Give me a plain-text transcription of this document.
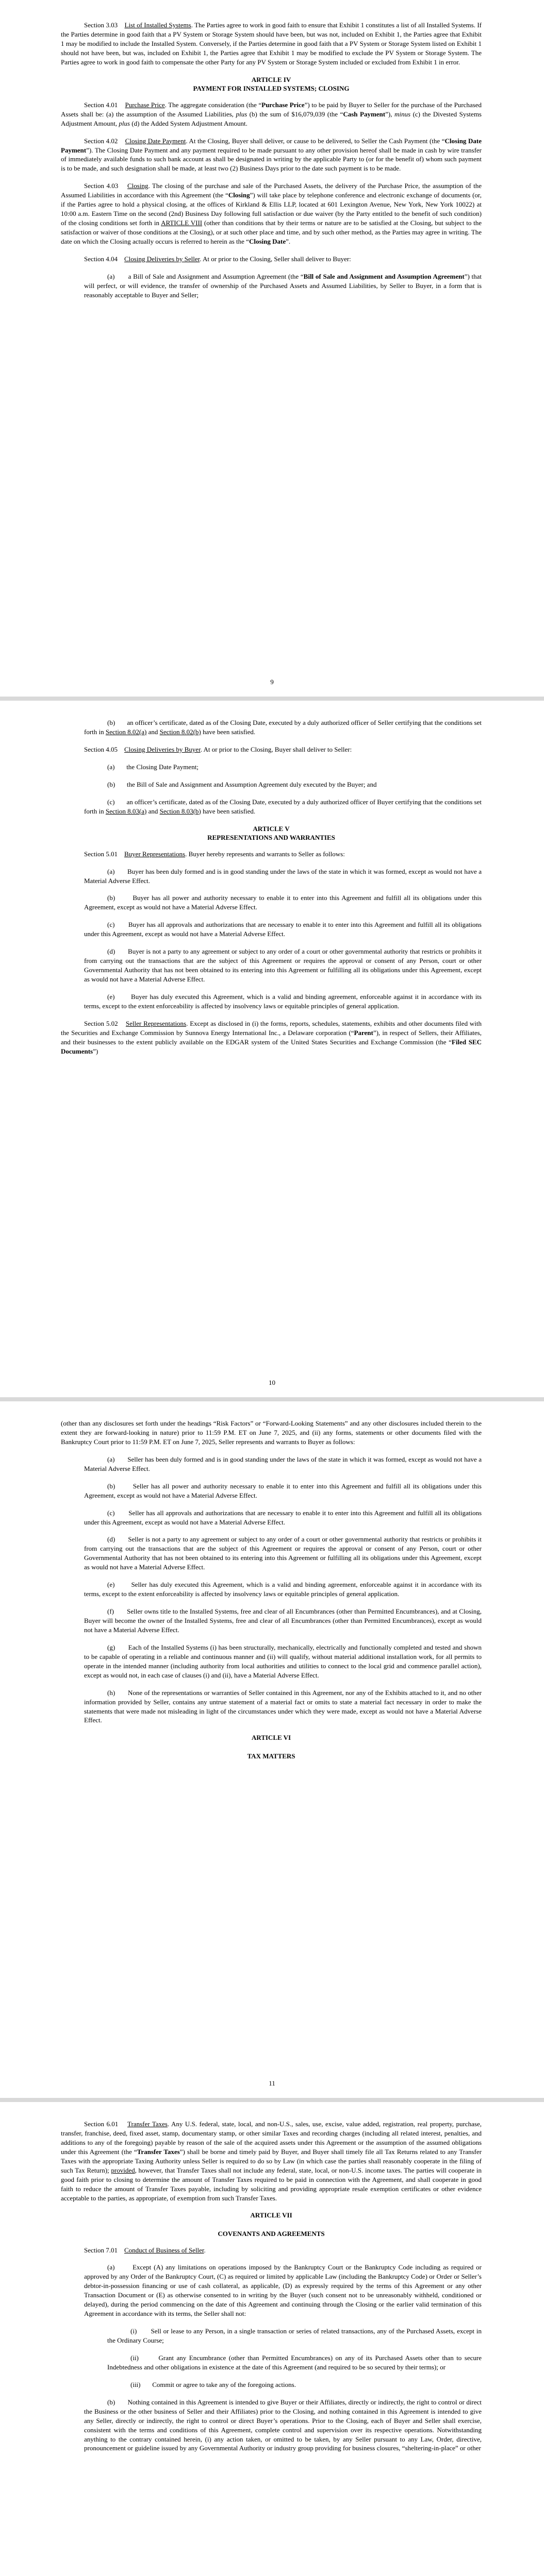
Section 3.03 List of Installed Systems. The Parties agree to work in good faith to ensure that Exhibit 1 constitutes a list of all Installed Systems. If the Parties determine in good faith that a PV System or Storage System should have been, but was not, included on Exhibit 1, the Parties agree that Exhibit 1 may be modified to include the Installed System. Conversely, if the Parties determine in good faith that a PV System or Storage System listed on Exhibit 1 should not have been, but was, included on Exhibit 1, the Parties agree that Exhibit 1 may be modified to exclude the PV System or Storage System. The Parties agree to work in good faith to compensate the other Party for any PV System or Storage System included or excluded from Exhibit 1 in error.

ARTICLE IV
PAYMENT FOR INSTALLED SYSTEMS; CLOSING

Section 4.01 Purchase Price. The aggregate consideration (the “Purchase Price”) to be paid by Buyer to Seller for the purchase of the Purchased Assets shall be: (a) the assumption of the Assumed Liabilities, plus (b) the sum of $16,079,039 (the “Cash Payment”), minus (c) the Divested Systems Adjustment Amount, plus (d) the Added System Adjustment Amount.

Section 4.02 Closing Date Payment. At the Closing, Buyer shall deliver, or cause to be delivered, to Seller the Cash Payment (the “Closing Date Payment”). The Closing Date Payment and any payment required to be made pursuant to any other provision hereof shall be made in cash by wire transfer of immediately available funds to such bank account as shall be designated in writing by the applicable Party to (or for the benefit of) whom such payment is to be made, and such designation shall be made, at least two (2) Business Days prior to the date such payment is to be made.

Section 4.03 Closing. The closing of the purchase and sale of the Purchased Assets, the delivery of the Purchase Price, the assumption of the Assumed Liabilities in accordance with this Agreement (the “Closing”) will take place by telephone conference and electronic exchange of documents (or, if the Parties agree to hold a physical closing, at the offices of Kirkland & Ellis LLP, located at 601 Lexington Avenue, New York, New York 10022) at 10:00 a.m. Eastern Time on the second (2nd) Business Day following full satisfaction or due waiver (by the Party entitled to the benefit of such condition) of the closing conditions set forth in ARTICLE VIII (other than conditions that by their terms or nature are to be satisfied at the Closing, but subject to the satisfaction or waiver of those conditions at the Closing), or at such other place and time, and by such other method, as the Parties may agree in writing. The date on which the Closing actually occurs is referred to herein as the “Closing Date”.

Section 4.04 Closing Deliveries by Seller. At or prior to the Closing, Seller shall deliver to Buyer:

(a) a Bill of Sale and Assignment and Assumption Agreement (the “Bill of Sale and Assignment and Assumption Agreement”) that will perfect, or will evidence, the transfer of ownership of the Purchased Assets and Assumed Liabilities, by Seller to Buyer, in a form that is reasonably acceptable to Buyer and Seller;

9

(b) an officer’s certificate, dated as of the Closing Date, executed by a duly authorized officer of Seller certifying that the conditions set forth in Section 8.02(a) and Section 8.02(b) have been satisfied.

Section 4.05 Closing Deliveries by Buyer. At or prior to the Closing, Buyer shall deliver to Seller:

(a) the Closing Date Payment;

(b) the Bill of Sale and Assignment and Assumption Agreement duly executed by the Buyer; and

(c) an officer’s certificate, dated as of the Closing Date, executed by a duly authorized officer of Buyer certifying that the conditions set forth in Section 8.03(a) and Section 8.03(b) have been satisfied.

ARTICLE V
REPRESENTATIONS AND WARRANTIES

Section 5.01 Buyer Representations. Buyer hereby represents and warrants to Seller as follows:

(a) Buyer has been duly formed and is in good standing under the laws of the state in which it was formed, except as would not have a Material Adverse Effect.

(b)	Buyer has all power and authority necessary to enable it to enter into this Agreement and fulfill all its obligations under this Agreement, except as would not have a Material Adverse Effect.

(c) Buyer has all approvals and authorizations that are necessary to enable it to enter into this Agreement and fulfill all its obligations under this Agreement, except as would not have a Material Adverse Effect.

(d) Buyer is not a party to any agreement or subject to any order of a court or other governmental authority that restricts or prohibits it from carrying out the transactions that are the subject of this Agreement or requires the approval or consent of any Person, court or other Governmental Authority that has not been obtained to its entering into this Agreement or fulfilling all its obligations under this Agreement, except as would not have a Material Adverse Effect.

(e) Buyer has duly executed this Agreement, which is a valid and binding agreement, enforceable against it in accordance with its terms, except to the extent enforceability is affected by insolvency laws or equitable principles of general application.

Section 5.02 Seller Representations. Except as disclosed in (i) the forms, reports, schedules, statements, exhibits and other documents filed with the Securities and Exchange Commission by Sunnova Energy International Inc., a Delaware corporation (“Parent”), in respect of Sellers, their Affiliates, and their businesses to the extent publicly available on the EDGAR system of the United States Securities and Exchange Commission (the “Filed SEC Documents”)

10

(other than any disclosures set forth under the headings “Risk Factors” or “Forward-Looking Statements” and any other disclosures included therein to the extent they are forward-looking in nature) prior to 11:59 P.M. ET on June 7, 2025, and (ii) any forms, statements or other documents filed with the Bankruptcy Court prior to 11:59 P.M. ET on June 7, 2025, Seller represents and warrants to Buyer as follows:

(a) Seller has been duly formed and is in good standing under the laws of the state in which it was formed, except as would not have a Material Adverse Effect.

(b)	Seller has all power and authority necessary to enable it to enter into this Agreement and fulfill all its obligations under this Agreement, except as would not have a Material Adverse Effect.

(c) Seller has all approvals and authorizations that are necessary to enable it to enter into this Agreement and fulfill all its obligations under this Agreement, except as would not have a Material Adverse Effect.

(d) Seller is not a party to any agreement or subject to any order of a court or other governmental authority that restricts or prohibits it from carrying out the transactions that are the subject of this Agreement or requires the approval or consent of any Person, court or other Governmental Authority that has not been obtained to its entering into this Agreement or fulfilling all its obligations under this Agreement, except as would not have a Material Adverse Effect.

(e) Seller has duly executed this Agreement, which is a valid and binding agreement, enforceable against it in accordance with its terms, except to the extent enforceability is affected by insolvency laws or equitable principles of general application.

(f) Seller owns title to the Installed Systems, free and clear of all Encumbrances (other than Permitted Encumbrances), and at Closing, Buyer will become the owner of the Installed Systems, free and clear of all Encumbrances (other than Permitted Encumbrances), except as would not have a Material Adverse Effect.

(g) Each of the Installed Systems (i) has been structurally, mechanically, electrically and functionally completed and tested and shown to be capable of operating in a reliable and continuous manner and (ii) will qualify, without material additional installation work, for all permits to operate in the intended manner (including authority from local authorities and utilities to connect to the local grid and commence parallel action), except as would not, in each case of clauses (i) and (ii), have a Material Adverse Effect.

(h) None of the representations or warranties of Seller contained in this Agreement, nor any of the Exhibits attached to it, and no other information provided by Seller, contains any untrue statement of a material fact or omits to state a material fact necessary in order to make the statements that were made not misleading in light of the circumstances under which they were made, except as would not have a Material Adverse Effect.

ARTICLE VI
TAX MATTERS
11

Section 6.01 Transfer Taxes. Any U.S. federal, state, local, and non-U.S., sales, use, excise, value added, registration, real property, purchase, transfer, franchise, deed, fixed asset, stamp, documentary stamp, or other similar Taxes and recording charges (including all related interest, penalties, and additions to any of the foregoing) payable by reason of the sale of the acquired assets under this Agreement or the assumption of the assumed obligations under this Agreement (the “Transfer Taxes”) shall be borne and timely paid by Buyer, and Buyer shall timely file all Tax Returns related to any Transfer Taxes with the appropriate Taxing Authority unless Seller is required to do so by Law (in which case the parties shall reasonably cooperate in the filing of such Tax Return); provided, however, that Transfer Taxes shall not include any federal, state, local, or non-U.S. income taxes. The parties will cooperate in good faith prior to closing to determine the amount of Transfer Taxes required to be paid in connection with the Agreement, and shall cooperate in good faith to reduce the amount of Transfer Taxes payable, including by soliciting and providing appropriate resale exemption certificates or other evidence acceptable to the parties, as appropriate, of exemption from such Transfer Taxes.

ARTICLE VII
COVENANTS AND AGREEMENTS

Section 7.01 Conduct of Business of Seller.

(a)	Except (A) any limitations on operations imposed by the Bankruptcy Court or the Bankruptcy Code including as required or approved by any Order of the Bankruptcy Court, (C) as required or limited by applicable Law (including the Bankruptcy Code) or Order or Seller’s debtor-in-possession financing or use of cash collateral, as applicable, (D) as expressly required by the terms of this Agreement or any other Transaction Document or (E) as otherwise consented to in writing by the Buyer (such consent not to be unreasonably withheld, conditioned or delayed), during the period commencing on the date of this Agreement and continuing through the Closing or the earlier valid termination of this Agreement in accordance with its terms, the Seller shall not:

(i) Sell or lease to any Person, in a single transaction or series of related transactions, any of the Purchased Assets, except in the Ordinary Course;

(ii)	Grant any Encumbrance (other than Permitted Encumbrances) on any of its Purchased Assets other than to secure Indebtedness and other obligations in existence at the date of this Agreement (and required to be so secured by their terms); or

(iii) Commit or agree to take any of the foregoing actions.

(b) Nothing contained in this Agreement is intended to give Buyer or their Affiliates, directly or indirectly, the right to control or direct the Business or the other business of Seller and their Affiliates) prior to the Closing, and nothing contained in this Agreement is intended to give any Seller, directly or indirectly, the right to control or direct Buyer’s operations. Prior to the Closing, each of Buyer and Seller shall exercise, consistent with the terms and conditions of this Agreement, complete control and supervision over its respective operations. Notwithstanding anything to the contrary contained herein, (i) any action taken, or omitted to be taken, by any Seller pursuant to any Law, Order, directive, pronouncement or guideline issued by any Governmental Authority or industry group providing for business closures, “sheltering-in-place” or other
